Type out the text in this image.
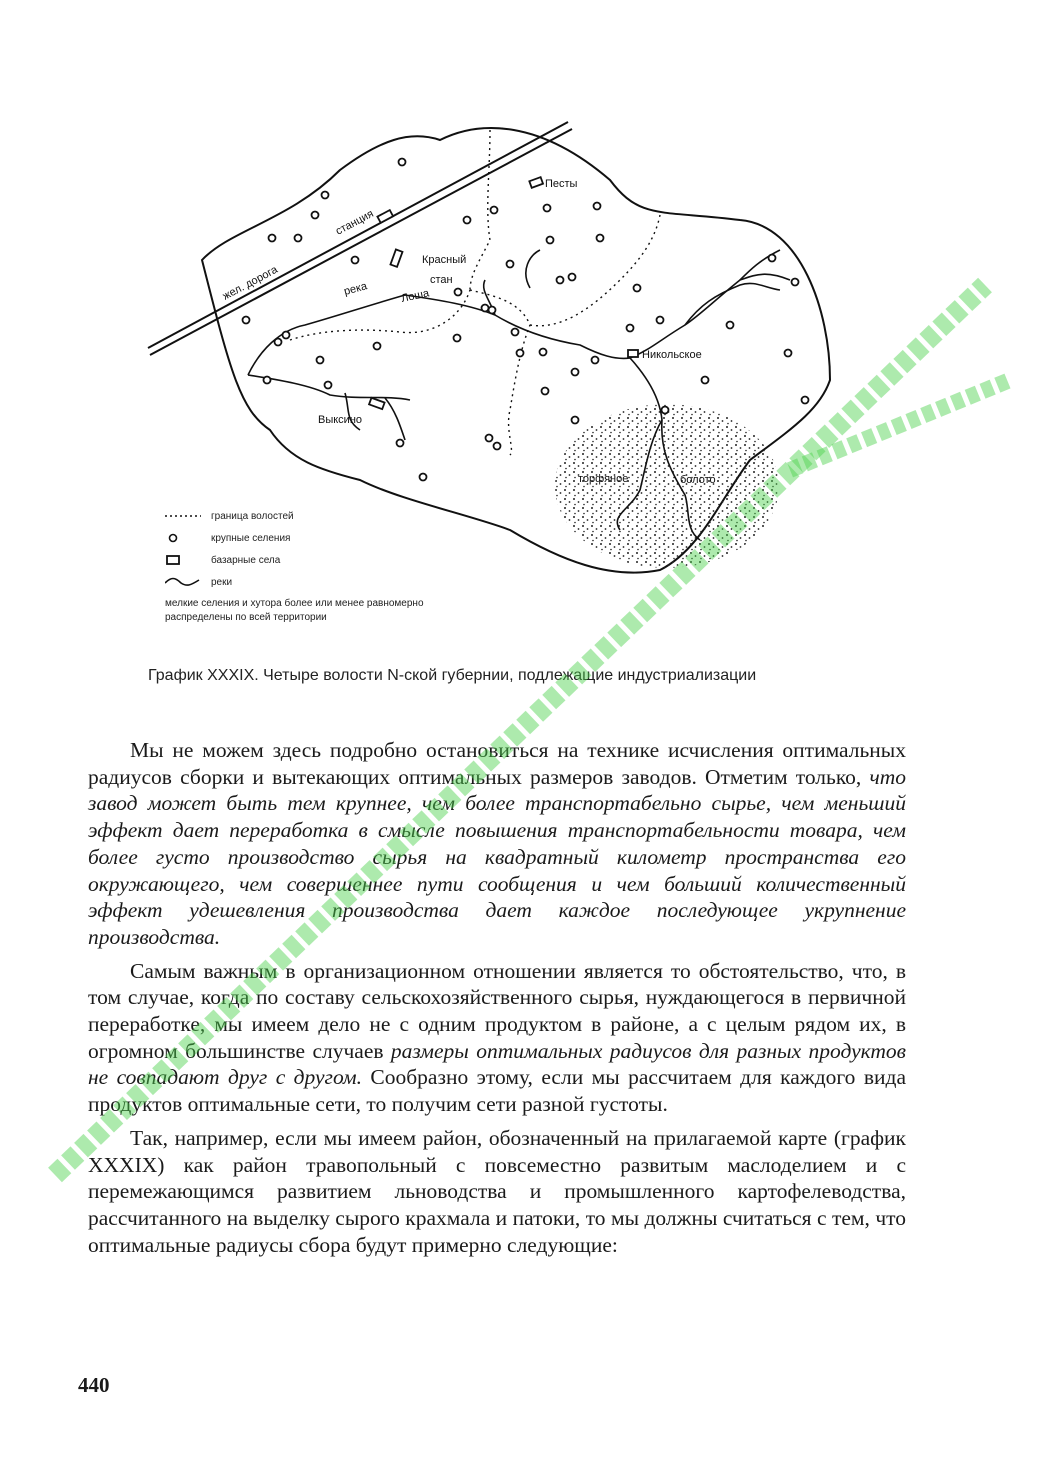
жел. дорога
станция
Песты
Красный
стан
река	Лоша
Никольское
Выксино
торфяное	болото
граница волостей
крупные селения
базарные села
реки
мелкие селения и хутора более или менее равномерно распределены по всей территории
График XXXIX. Четыре волости N-ской губернии, подлежащие индустриализации

Мы не можем здесь подробно остановиться на технике исчисления оптимальных радиусов сборки и вытекающих оптимальных размеров заводов. Отметим только, что завод может быть тем крупнее, чем более транспортабельно сырье, чем меньший эффект дает переработка в смысле повышения транспортабельности товара, чем более густо производство сырья на квадратный километр пространства его окружающего, чем совершеннее пути сообщения и чем больший количественный эффект удешевления производства дает каждое последующее укрупнение производства.

Самым важным в организационном отношении является то обстоятельство, что, в том случае, когда по составу сельскохозяйственного сырья, нуждающегося в первичной переработке, мы имеем дело не с одним продуктом в районе, а с целым рядом их, в огромном большинстве случаев размеры оптимальных радиусов для разных продуктов не совпадают друг с другом. Сообразно этому, если мы рассчитаем для каждого вида продуктов оптимальные сети, то получим сети разной густоты.

Так, например, если мы имеем район, обозначенный на прилагаемой карте (график XXXIX) как район травопольный с повсеместно развитым маслоделием и с перемежающимся развитием льноводства и промышленного картофелеводства, рассчитанного на выделку сырого крахмала и патоки, то мы должны считаться с тем, что оптимальные радиусы сбора будут примерно следующие:

440
